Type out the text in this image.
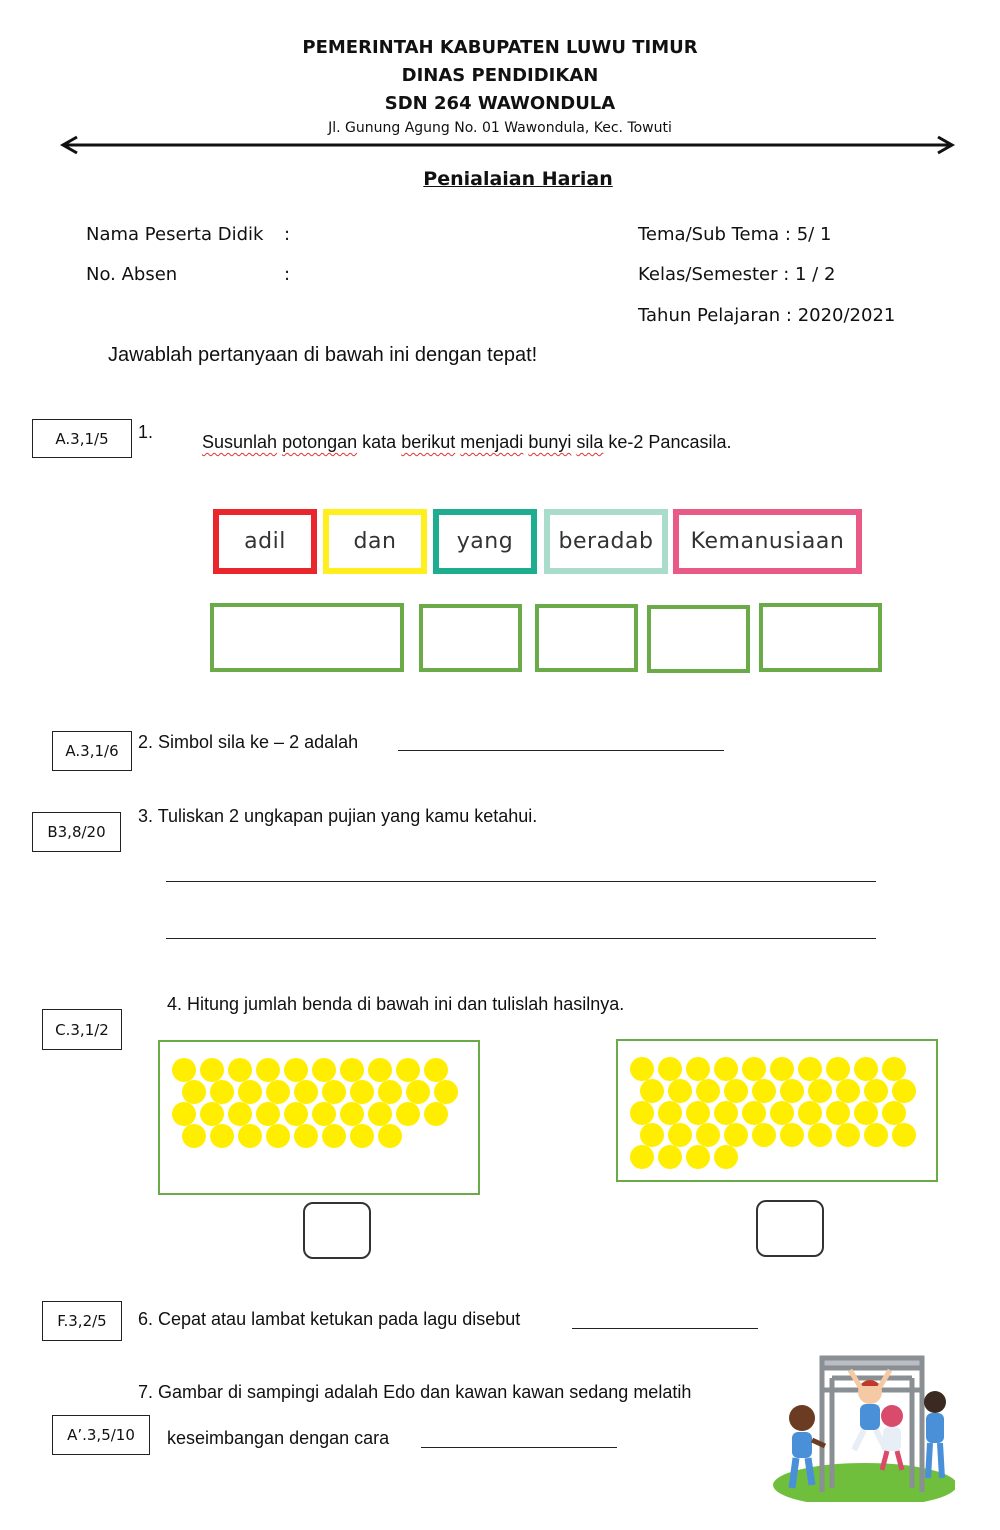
PEMERINTAH KABUPATEN LUWU TIMUR
DINAS PENDIDIKAN
SDN 264 WAWONDULA
Jl. Gunung Agung No. 01 Wawondula, Kec. Towuti
Penialaian Harian
Nama Peserta Didik :
No. Absen	:
Tema/Sub Tema : 5/ 1
Kelas/Semester : 1 / 2
Tahun Pelajaran : 2020/2021
Jawablah pertanyaan di bawah ini dengan tepat!
A.3,1/5	1.	Susunlah potongan kata berikut menjadi bunyi sila ke-2 Pancasila.
adil	dan	yang	beradab	Kemanusiaan
A.3,1/6	2. Simbol sila ke – 2 adalah
B3,8/20
3. Tuliskan 2 ungkapan pujian yang kamu ketahui.
C.3,1/2
4. Hitung jumlah benda di bawah ini dan tulislah hasilnya.
F.3,2/5	6. Cepat atau lambat ketukan pada lagu disebut
7. Gambar di sampingi adalah Edo dan kawan kawan sedang melatih
A’.3,5/10	keseimbangan dengan cara
